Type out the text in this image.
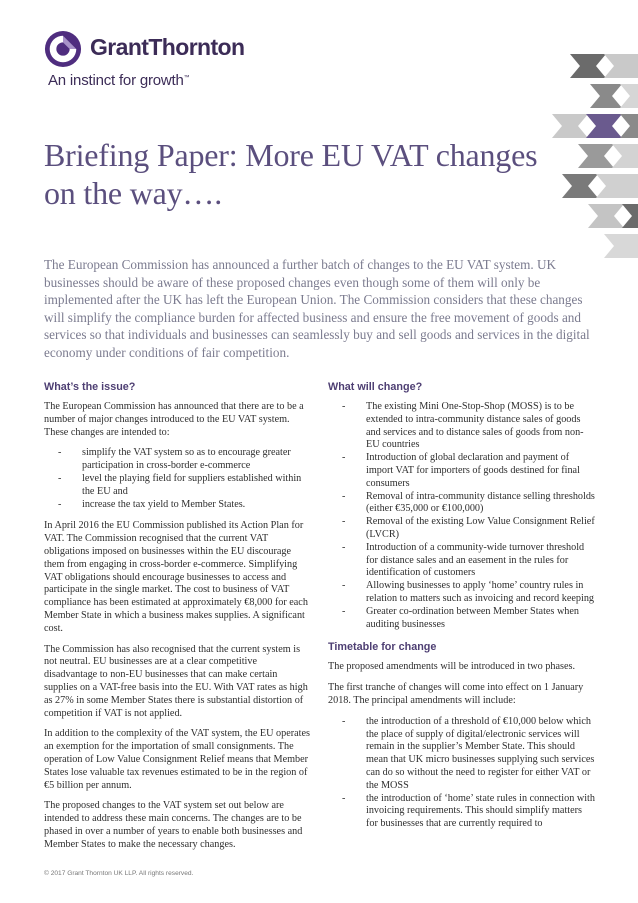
GrantThornton
An instinct for growth™
Briefing Paper: More EU VAT changes on the way….

The European Commission has announced a further batch of changes to the EU VAT system. UK businesses should be aware of these proposed changes even though some of them will only be implemented after the UK has left the European Union. The Commission considers that these changes will simplify the compliance burden for affected business and ensure the free movement of goods and services so that individuals and businesses can seamlessly buy and sell goods and services in the digital economy under conditions of fair competition.

What’s the issue?

The European Commission has announced that there are to be a number of major changes introduced to the EU VAT system. These changes are intended to:

- simplify the VAT system so as to encourage greater participation in cross-border e-commerce
- level the playing field for suppliers established within the EU and
- increase the tax yield to Member States.

In April 2016 the EU Commission published its Action Plan for VAT. The Commission recognised that the current VAT obligations imposed on businesses within the EU discourage them from engaging in cross-border e-commerce. Simplifying VAT obligations should encourage businesses to access and participate in the single market. The cost to business of VAT compliance has been estimated at approximately €8,000 for each Member State in which a business makes supplies. A significant cost.

The Commission has also recognised that the current system is not neutral. EU businesses are at a clear competitive disadvantage to non-EU businesses that can make certain supplies on a VAT-free basis into the EU. With VAT rates as high as 27% in some Member States there is substantial distortion of competition if VAT is not applied.

In addition to the complexity of the VAT system, the EU operates an exemption for the importation of small consignments. The operation of Low Value Consignment Relief means that Member States lose valuable tax revenues estimated to be in the region of €5 billion per annum.

The proposed changes to the VAT system set out below are intended to address these main concerns. The changes are to be phased in over a number of years to enable both businesses and Member States to make the necessary changes.

What will change?
- The existing Mini One-Stop-Shop (MOSS) is to be extended to intra-community distance sales of goods and services and to distance sales of goods from non-EU countries
- Introduction of global declaration and payment of import VAT for importers of goods destined for final consumers
- Removal of intra-community distance selling thresholds (either €35,000 or €100,000)
- Removal of the existing Low Value Consignment Relief (LVCR)
- Introduction of a community-wide turnover threshold for distance sales and an easement in the rules for identification of customers
- Allowing businesses to apply ‘home’ country rules in relation to matters such as invoicing and record keeping
- Greater co-ordination between Member States when auditing businesses
Timetable for change

The proposed amendments will be introduced in two phases.

The first tranche of changes will come into effect on 1 January 2018. The principal amendments will include:

- the introduction of a threshold of €10,000 below which the place of supply of digital/electronic services will remain in the supplier’s Member State. This should mean that UK micro businesses supplying such services can do so without the need to register for either VAT or the MOSS
- the introduction of ‘home’ state rules in connection with invoicing requirements. This should simplify matters for businesses that are currently required to

© 2017 Grant Thornton UK LLP. All rights reserved.
